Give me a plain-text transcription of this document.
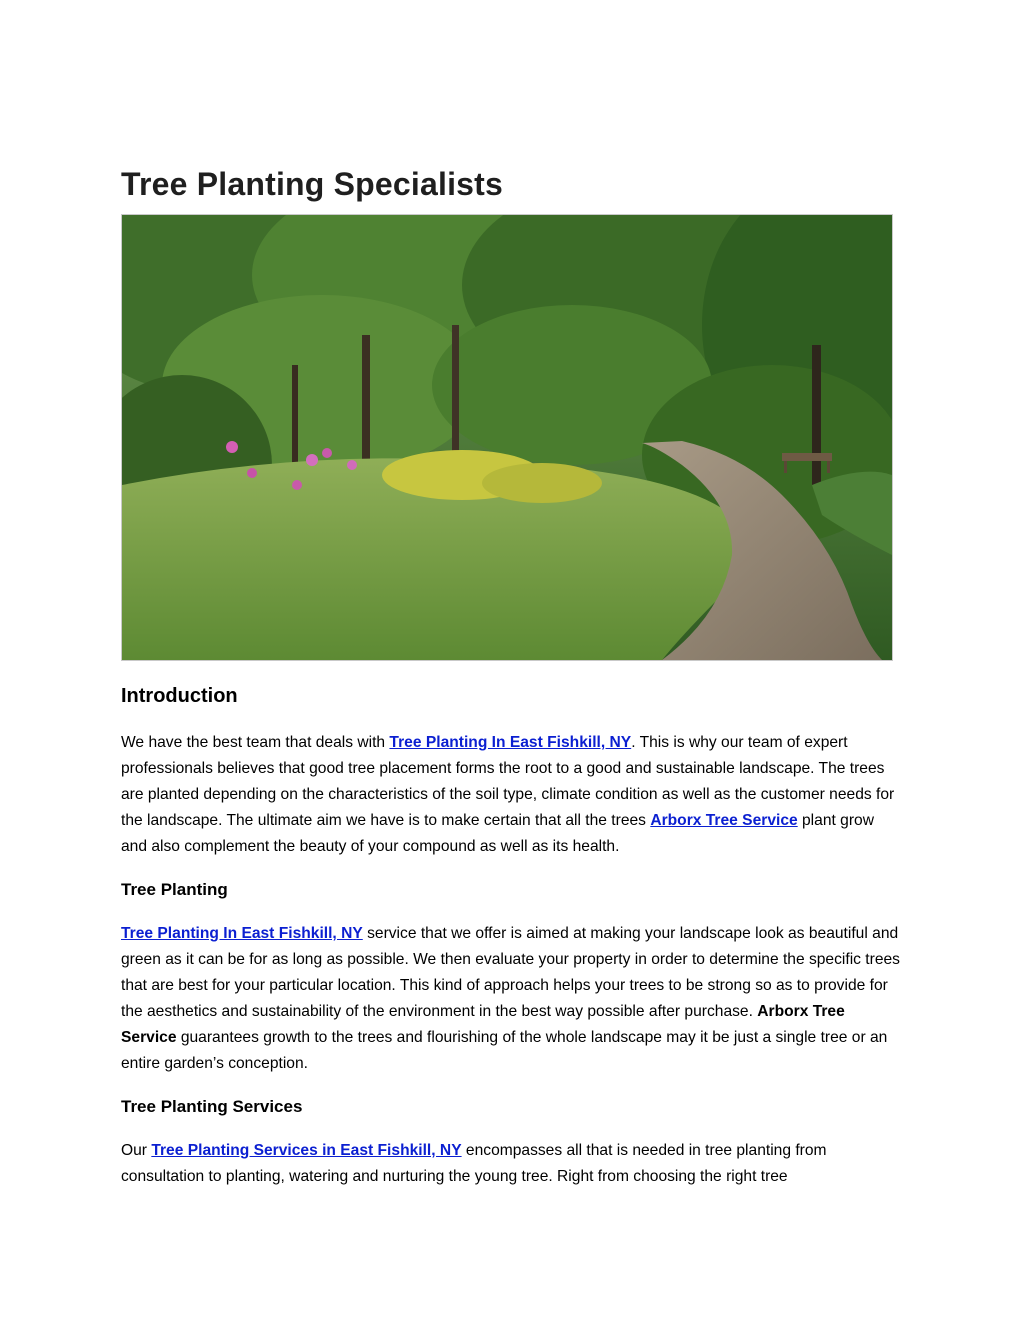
Tree Planting Specialists
Introduction

We have the best team that deals with Tree Planting In East Fishkill, NY. This is why our team of expert professionals believes that good tree placement forms the root to a good and sustainable landscape. The trees are planted depending on the characteristics of the soil type, climate condition as well as the customer needs for the landscape. The ultimate aim we have is to make certain that all the trees Arborx Tree Service plant grow and also complement the beauty of your compound as well as its health.

Tree Planting

Tree Planting In East Fishkill, NY service that we offer is aimed at making your landscape look as beautiful and green as it can be for as long as possible. We then evaluate your property in order to determine the specific trees that are best for your particular location. This kind of approach helps your trees to be strong so as to provide for the aesthetics and sustainability of the environment in the best way possible after purchase. Arborx Tree Service guarantees growth to the trees and flourishing of the whole landscape may it be just a single tree or an entire garden’s conception.

Tree Planting Services

Our Tree Planting Services in East Fishkill, NY encompasses all that is needed in tree planting from consultation to planting, watering and nurturing the young tree. Right from choosing the right tree
